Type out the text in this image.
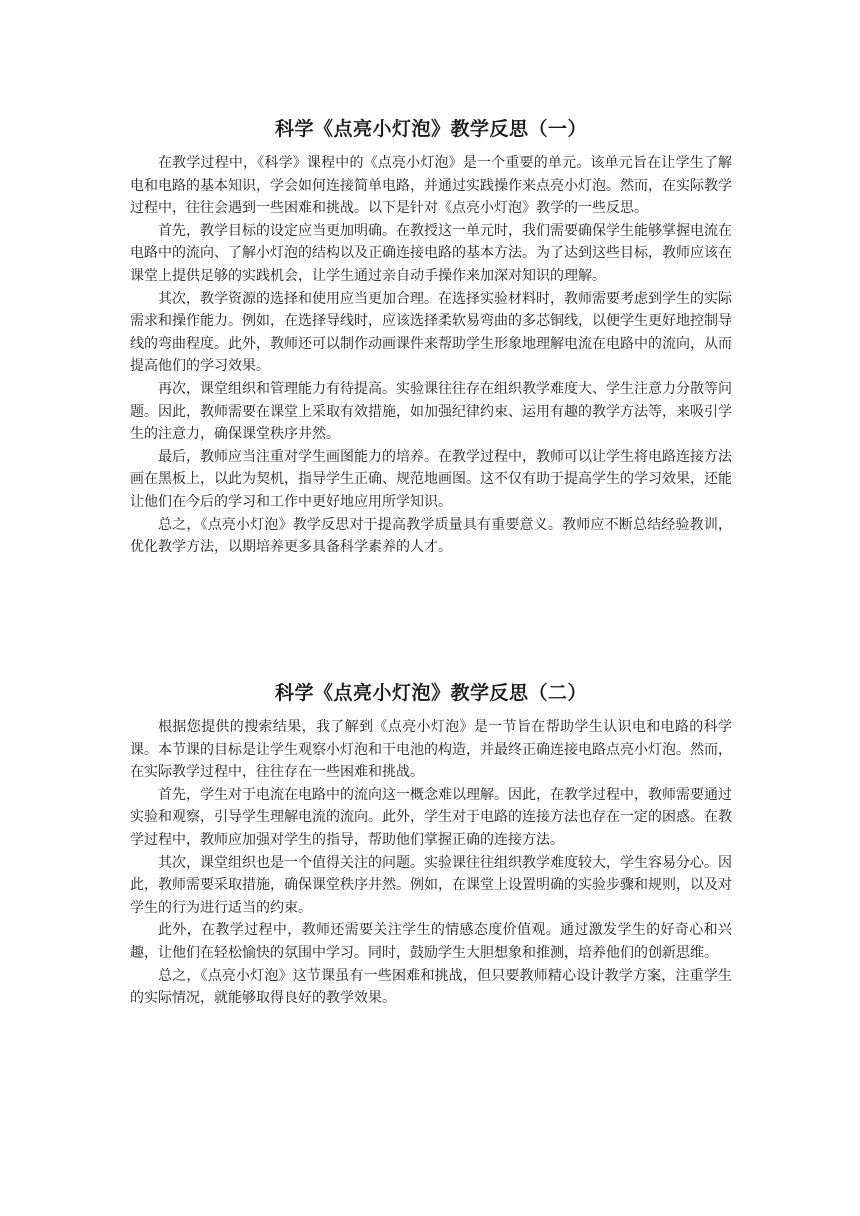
科学《点亮小灯泡》教学反思（一）

在教学过程中，《科学》课程中的《点亮小灯泡》是一个重要的单元。该单元旨在让学生了解电和电路的基本知识，学会如何连接简单电路，并通过实践操作来点亮小灯泡。然而，在实际教学过程中，往往会遇到一些困难和挑战。以下是针对《点亮小灯泡》教学的一些反思。

首先，教学目标的设定应当更加明确。在教授这一单元时，我们需要确保学生能够掌握电流在电路中的流向、了解小灯泡的结构以及正确连接电路的基本方法。为了达到这些目标，教师应该在课堂上提供足够的实践机会，让学生通过亲自动手操作来加深对知识的理解。

其次，教学资源的选择和使用应当更加合理。在选择实验材料时，教师需要考虑到学生的实际需求和操作能力。例如，在选择导线时，应该选择柔软易弯曲的多芯铜线，以便学生更好地控制导线的弯曲程度。此外，教师还可以制作动画课件来帮助学生形象地理解电流在电路中的流向，从而提高他们的学习效果。

再次，课堂组织和管理能力有待提高。实验课往往存在组织教学难度大、学生注意力分散等问题。因此，教师需要在课堂上采取有效措施，如加强纪律约束、运用有趣的教学方法等，来吸引学生的注意力，确保课堂秩序井然。

最后，教师应当注重对学生画图能力的培养。在教学过程中，教师可以让学生将电路连接方法画在黑板上，以此为契机，指导学生正确、规范地画图。这不仅有助于提高学生的学习效果，还能让他们在今后的学习和工作中更好地应用所学知识。

总之，《点亮小灯泡》教学反思对于提高教学质量具有重要意义。教师应不断总结经验教训，优化教学方法，以期培养更多具备科学素养的人才。

科学《点亮小灯泡》教学反思（二）

根据您提供的搜索结果，我了解到《点亮小灯泡》是一节旨在帮助学生认识电和电路的科学课。本节课的目标是让学生观察小灯泡和干电池的构造，并最终正确连接电路点亮小灯泡。然而，在实际教学过程中，往往存在一些困难和挑战。

首先，学生对于电流在电路中的流向这一概念难以理解。因此，在教学过程中，教师需要通过实验和观察，引导学生理解电流的流向。此外，学生对于电路的连接方法也存在一定的困惑。在教学过程中，教师应加强对学生的指导，帮助他们掌握正确的连接方法。

其次，课堂组织也是一个值得关注的问题。实验课往往组织教学难度较大，学生容易分心。因此，教师需要采取措施，确保课堂秩序井然。例如，在课堂上设置明确的实验步骤和规则，以及对学生的行为进行适当的约束。

此外，在教学过程中，教师还需要关注学生的情感态度价值观。通过激发学生的好奇心和兴趣，让他们在轻松愉快的氛围中学习。同时，鼓励学生大胆想象和推测，培养他们的创新思维。

总之，《点亮小灯泡》这节课虽有一些困难和挑战，但只要教师精心设计教学方案，注重学生的实际情况，就能够取得良好的教学效果。
